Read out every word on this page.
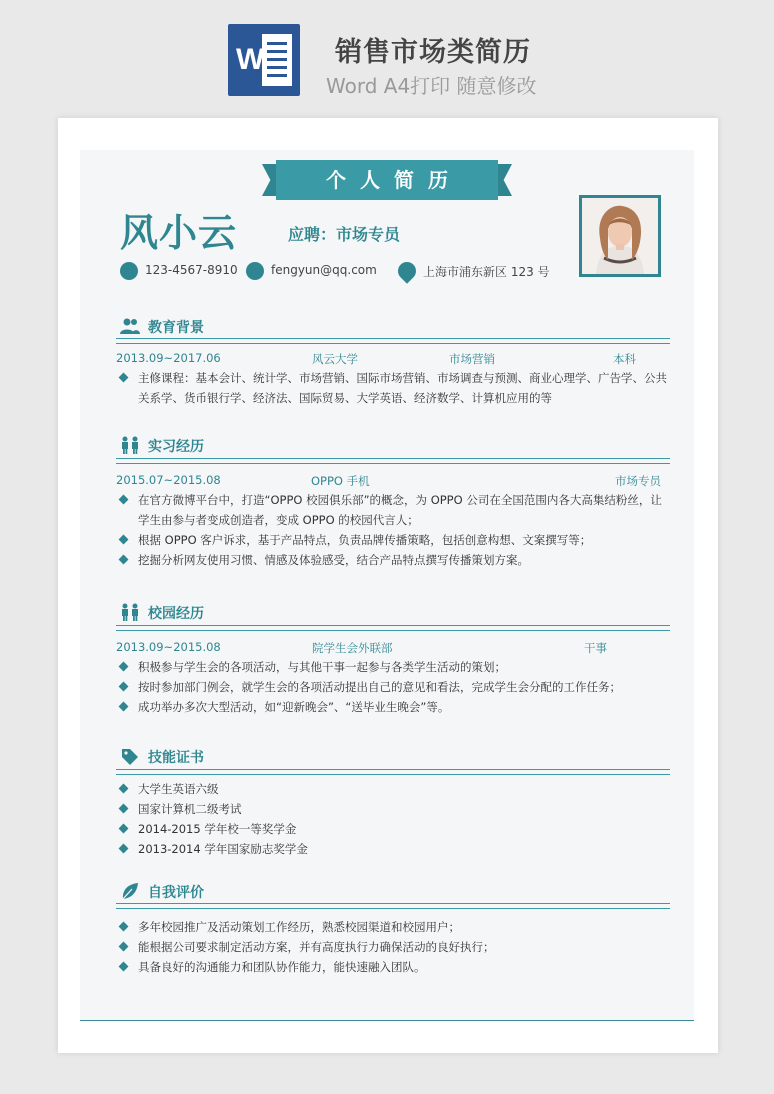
W	销售市场类简历
Word A4打印 随意修改
个人简历
风小云	应聘：市场专员
123-4567-8910	fengyun@qq.com	上海市浦东新区 123 号
教育背景
2013.09~2017.06	风云大学	市场营销	本科
主修课程：基本会计、统计学、市场营销、国际市场营销、市场调查与预测、商业心理学、广告学、公共
关系学、货币银行学、经济法、国际贸易、大学英语、经济数学、计算机应用的等
实习经历
2015.07~2015.08	OPPO 手机	市场专员
在官方微博平台中，打造“OPPO 校园俱乐部”的概念，为 OPPO 公司在全国范围内各大高集结粉丝，让
学生由参与者变成创造者，变成 OPPO 的校园代言人；
根据 OPPO 客户诉求，基于产品特点，负责品牌传播策略，包括创意构想、文案撰写等；
挖掘分析网友使用习惯、情感及体验感受，结合产品特点撰写传播策划方案。
校园经历
2013.09~2015.08	院学生会外联部	干事
积极参与学生会的各项活动，与其他干事一起参与各类学生活动的策划；
按时参加部门例会，就学生会的各项活动提出自己的意见和看法，完成学生会分配的工作任务；
成功举办多次大型活动，如“迎新晚会”、“送毕业生晚会”等。
技能证书
大学生英语六级
国家计算机二级考试
2014-2015 学年校一等奖学金
2013-2014 学年国家励志奖学金
自我评价
多年校园推广及活动策划工作经历，熟悉校园渠道和校园用户；
能根据公司要求制定活动方案，并有高度执行力确保活动的良好执行；
具备良好的沟通能力和团队协作能力，能快速融入团队。
